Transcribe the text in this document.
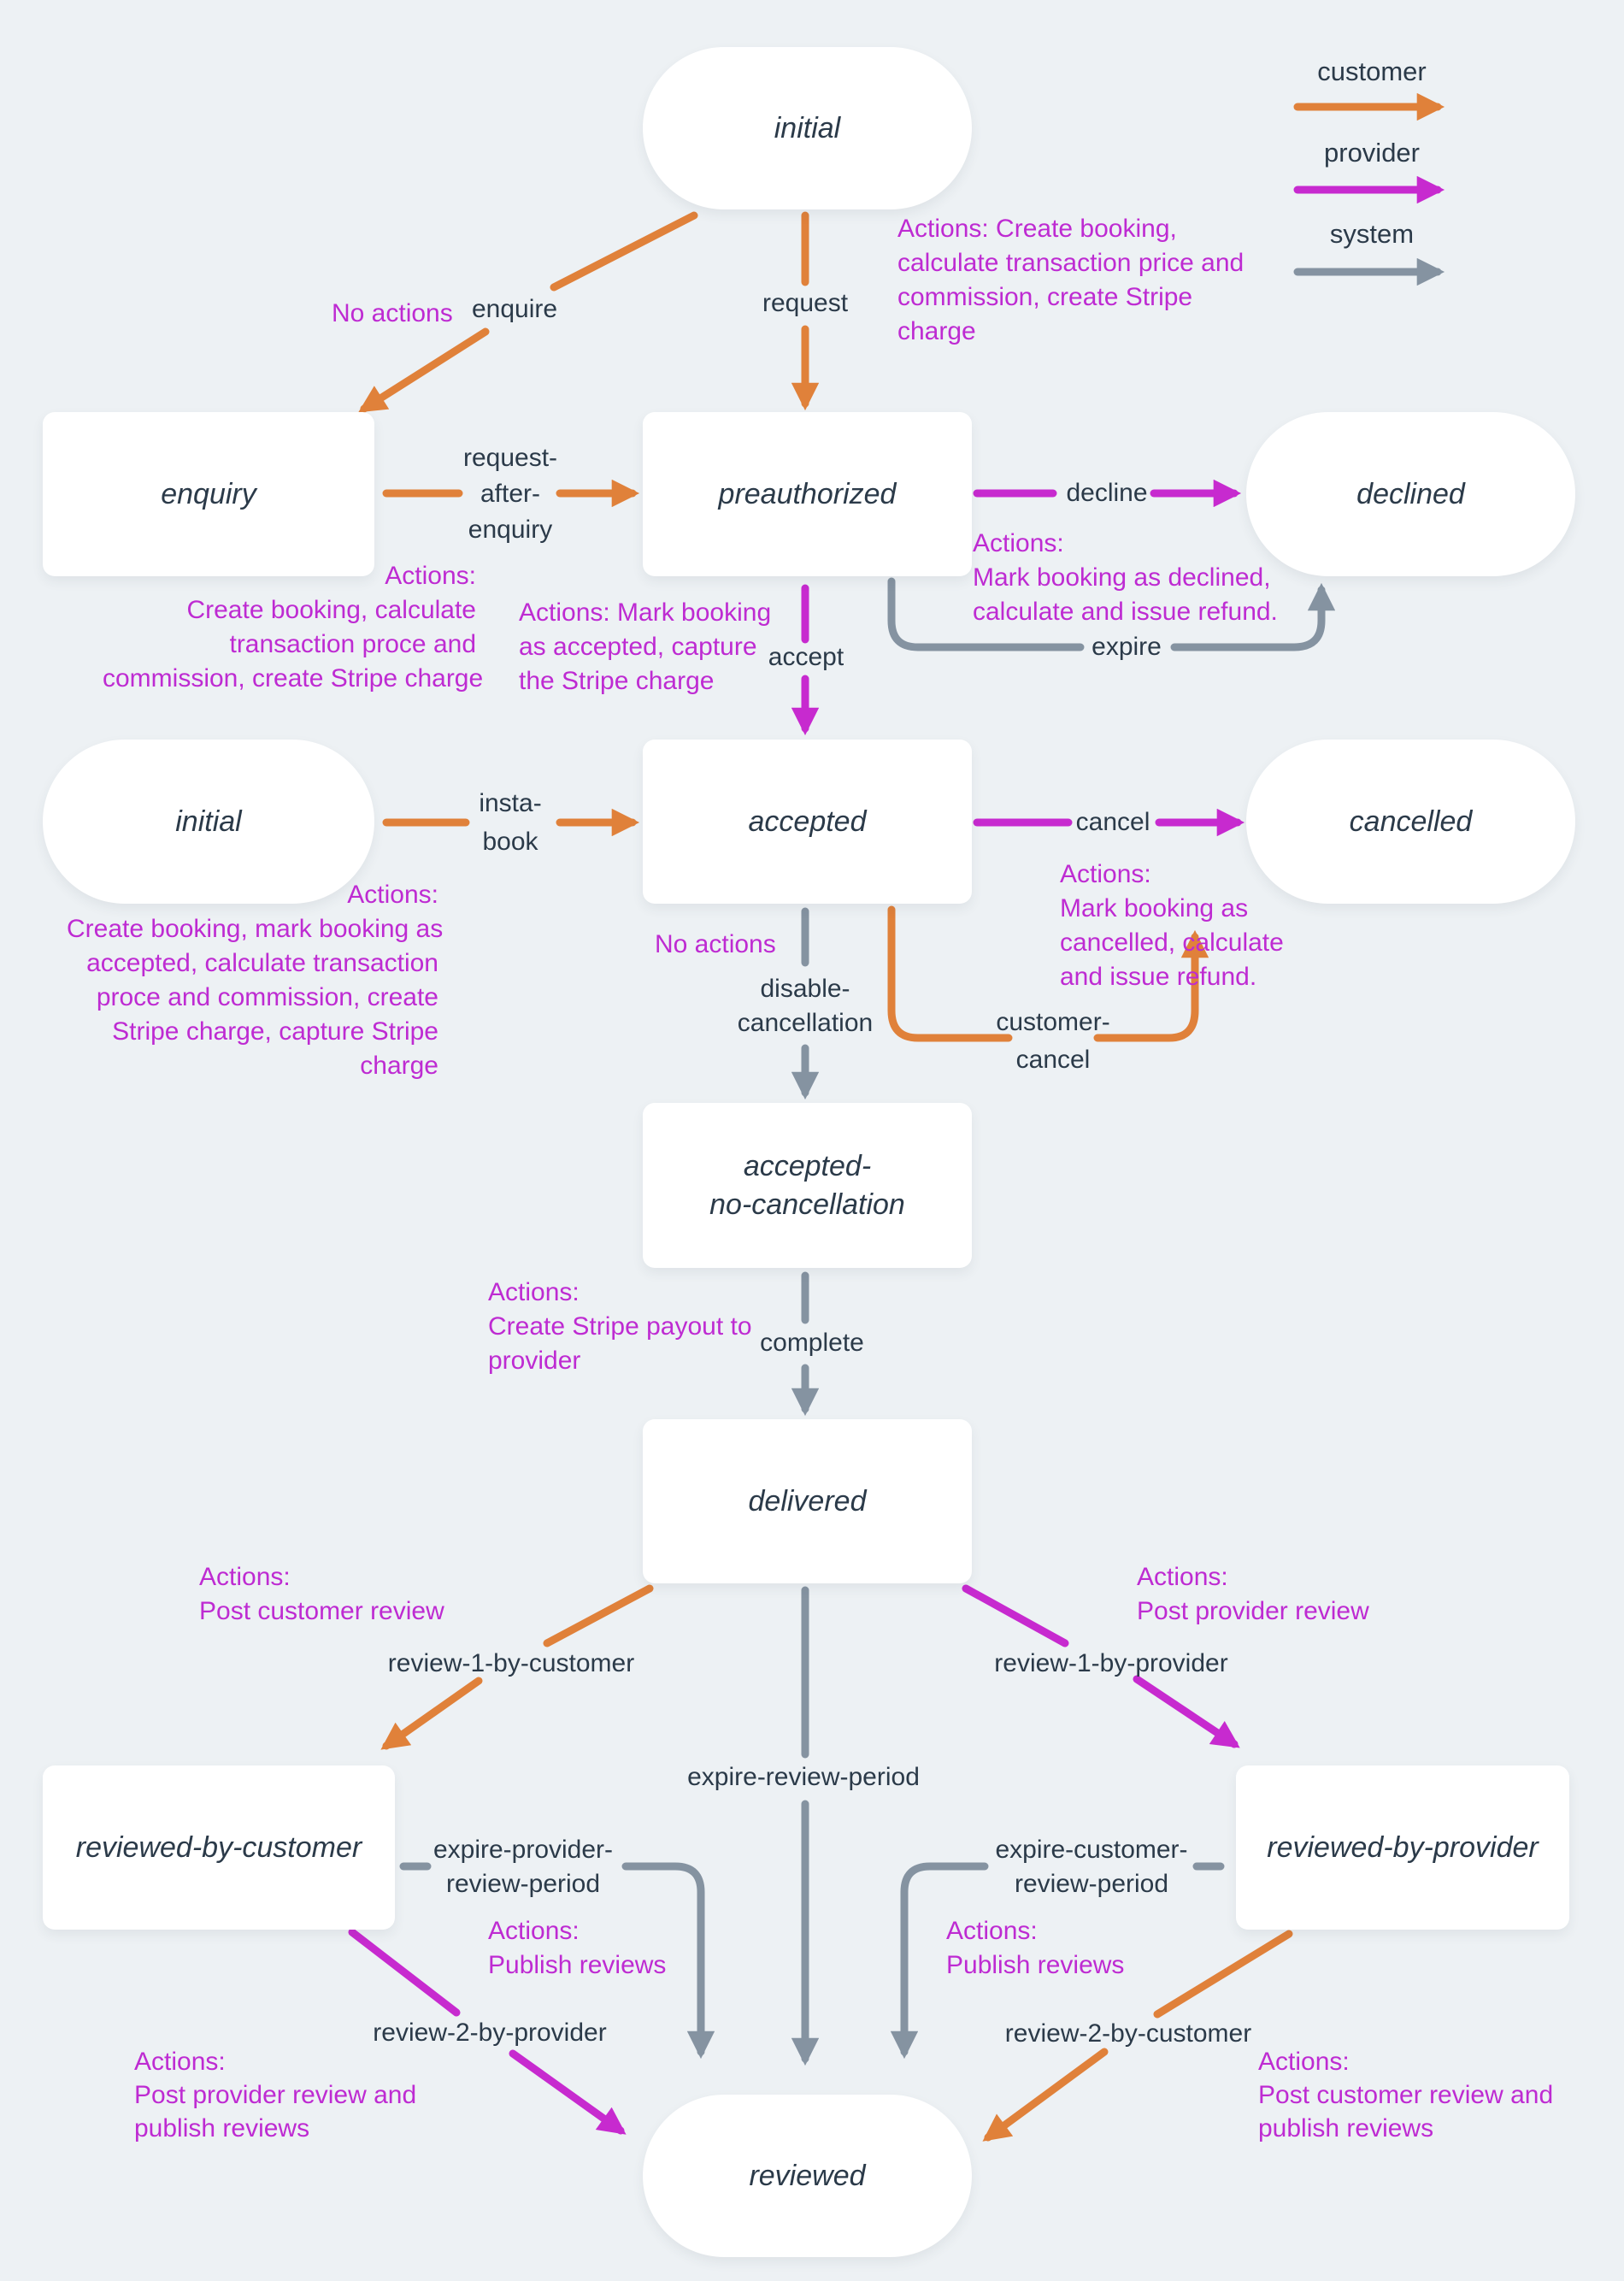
customer
provider
system
initial
enquiry	preauthorized	declined
initial	accepted	cancelled
accepted-
no-cancellation
delivered
reviewed-by-customer	reviewed-by-provider
reviewed
enquire	request
request-
after-
enquiry
decline
expire
accept
insta-
book
cancel
customer-
cancel
disable-
cancellation
complete
review-1-by-customer	review-1-by-provider
expire-review-period
expire-provider-
review-period
expire-customer-
review-period
review-2-by-provider	review-2-by-customer
No actions
Actions: Create booking,
calculate transaction price and
commission, create Stripe
charge
Actions:
Create booking, calculate
transaction proce and
commission, create Stripe charge
Actions: Mark booking
as accepted, capture
the Stripe charge
Actions:
Mark booking as declined,
calculate and issue refund.
Actions:
Create booking, mark booking as
accepted, calculate transaction
proce and commission, create
Stripe charge, capture Stripe
charge
Actions:
Mark booking as
cancelled, calculate
and issue refund.
No actions
Actions:
Create Stripe payout to
provider
Actions:
Post customer review
Actions:
Post provider review
Actions:
Publish reviews
Actions:
Publish reviews
Actions:
Post provider review and
publish reviews
Actions:
Post customer review and
publish reviews
